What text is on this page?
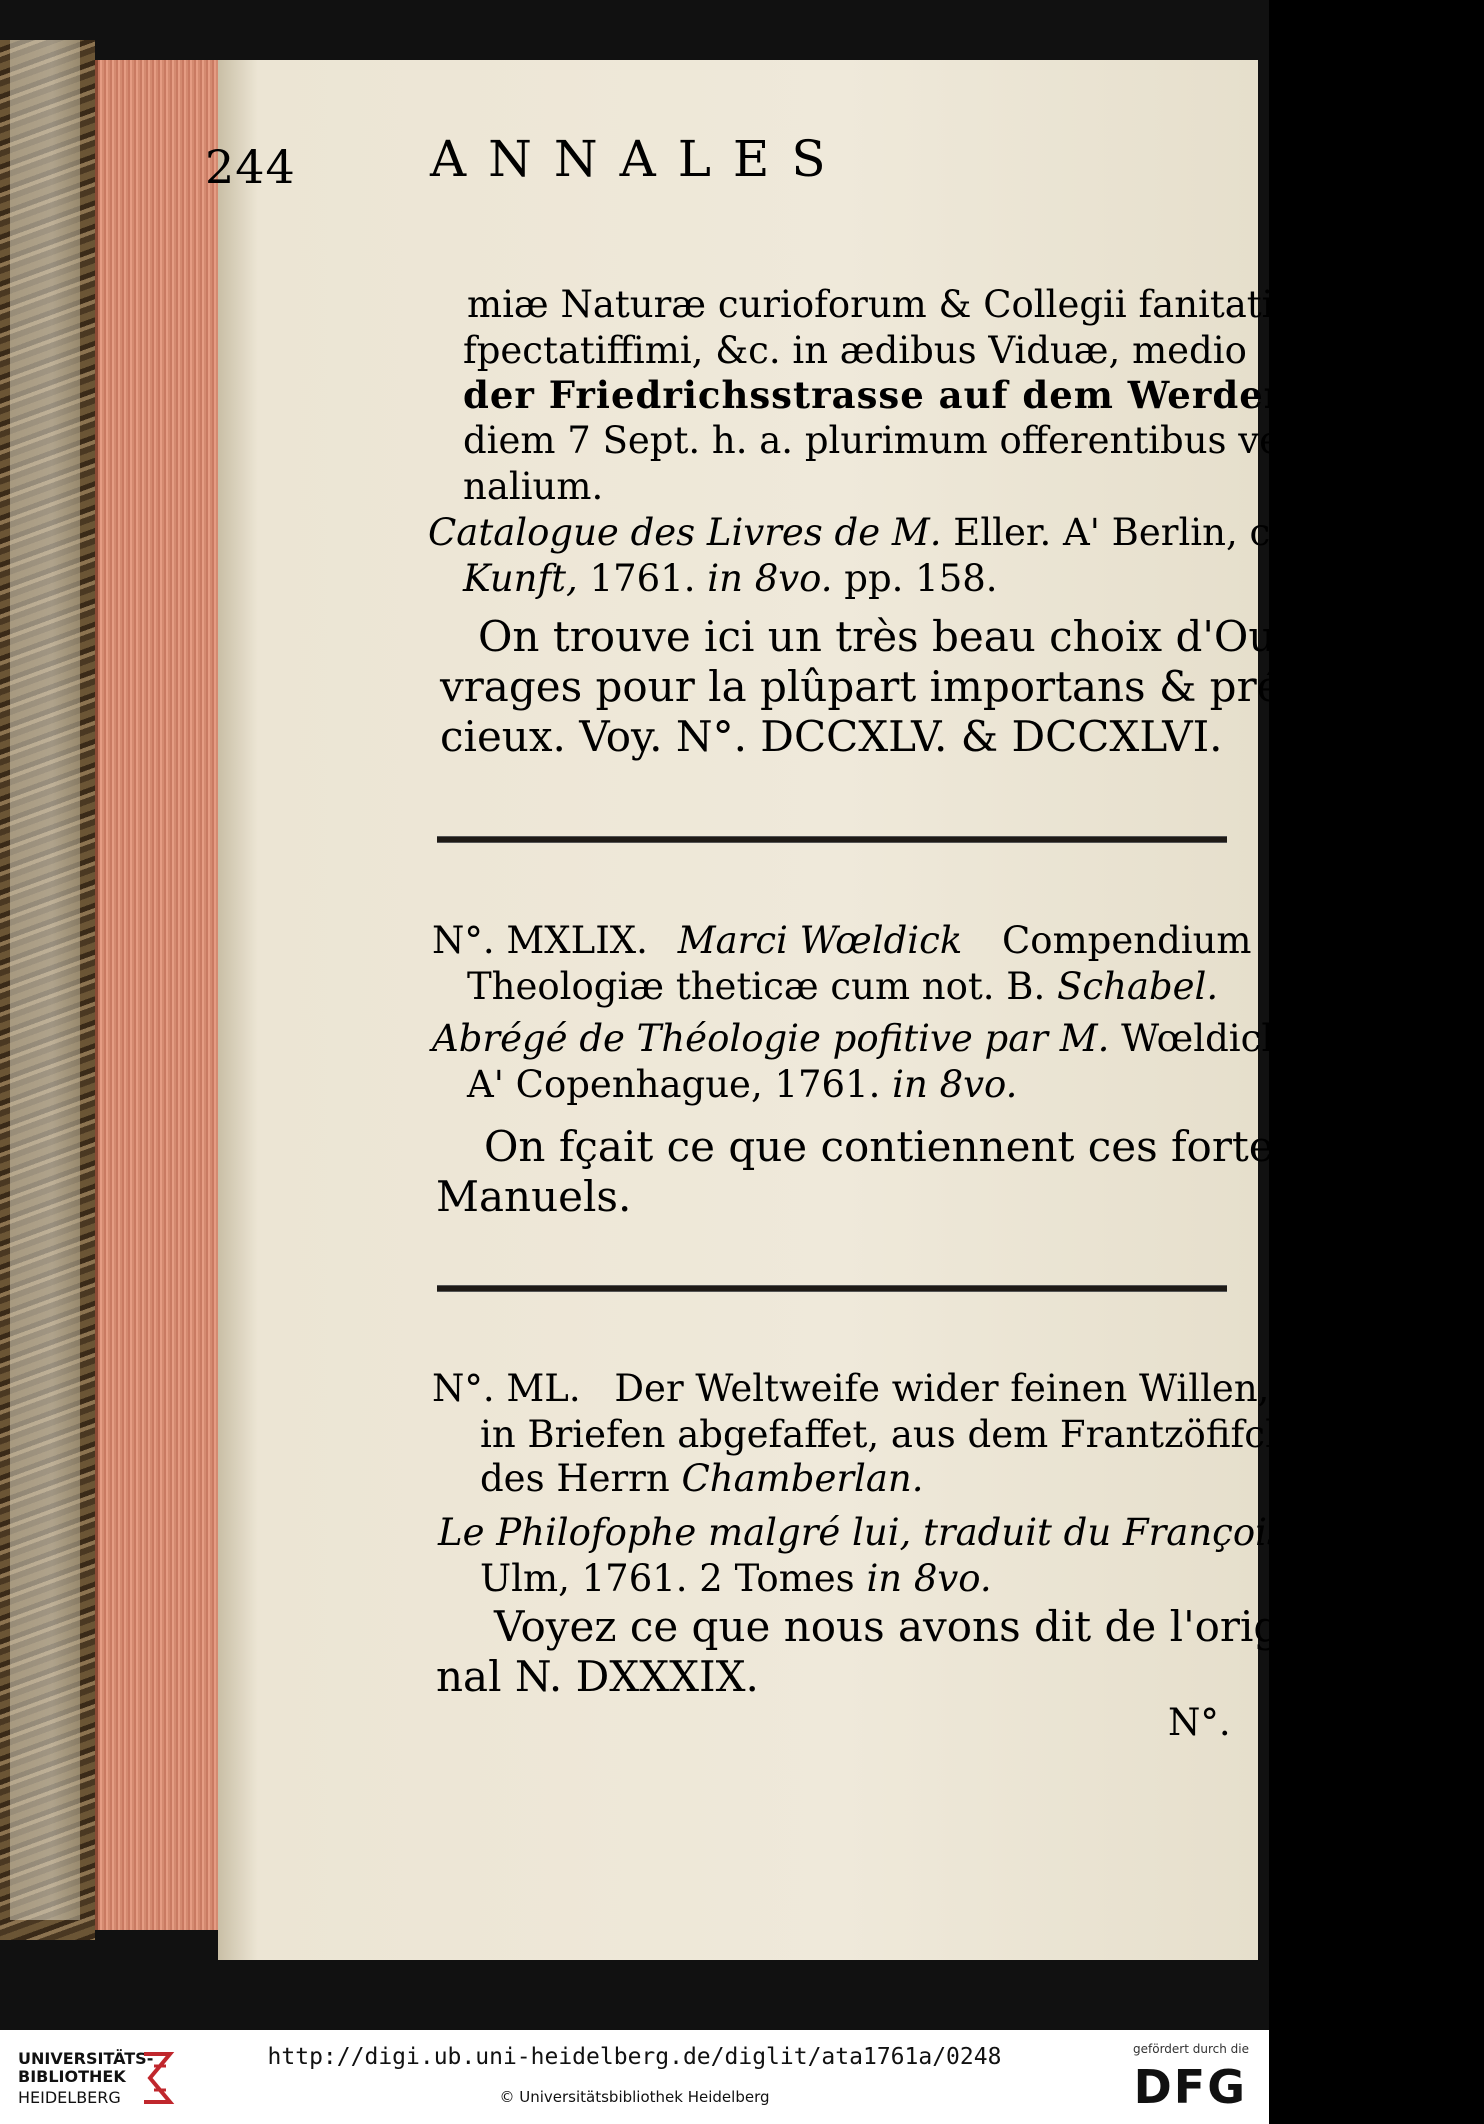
244	ANNALES
miæ Naturæ curioforum & Collegii fanitatis
fpectatiffimi, &c. in ædibus Viduæ, medio
der Friedrichsstrasse auf dem Werder fitis ad
diem 7 Sept. h. a. plurimum offerentibus ve-
nalium.
Catalogue des Livres de M. Eller. A' Berlin, chez
Kunft, 1761. in 8vo. pp. 158.
On trouve ici un très beau choix d'Ou-
vrages pour la plûpart importans & pré-
cieux. Voy. N°. DCCXLV. & DCCXLVI.
N°. MXLIX. Marci Wœldick Compendium
Theologiæ theticæ cum not. B. Schabel.
Abrégé de Théologie pofitive par M. Wœldick.
A' Copenhague, 1761. in 8vo.
On fçait ce que contiennent ces fortes de
Manuels.
N°. ML. Der Weltweife wider feinen Willen,
in Briefen abgefaffet, aus dem Frantzöfifchen
des Herrn Chamberlan.
Le Philofophe malgré lui, traduit du François. A'
Ulm, 1761. 2 Tomes in 8vo.
Voyez ce que nous avons dit de l'origi-
nal N. DXXXIX.
N°.
UNIVERSITÄTS-
BIBLIOTHEK
HEIDELBERG
http://digi.ub.uni-heidelberg.de/diglit/ata1761a/0248
© Universitätsbibliothek Heidelberg
gefördert durch die
DFG
